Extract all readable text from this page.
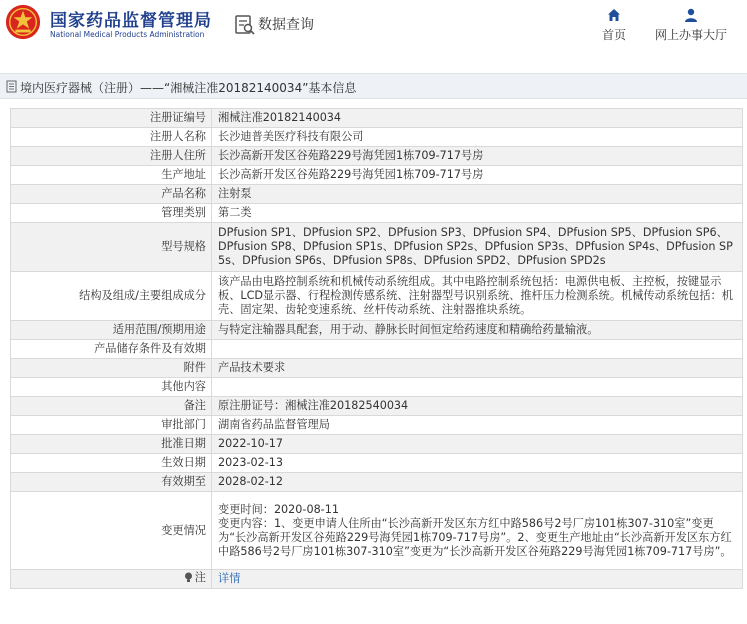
国家药品监督管理局
National Medical Products Administration
数据查询
首页	网上办事大厅
境内医疗器械（注册）——“湘械注准20182140034”基本信息
注册证编号	湘械注准20182140034
注册人名称	长沙迪普美医疗科技有限公司
注册人住所	长沙高新开发区谷苑路229号海凭园1栋709-717号房
生产地址	长沙高新开发区谷苑路229号海凭园1栋709-717号房
产品名称	注射泵
管理类别	第二类
型号规格	DPfusion SP1、DPfusion SP2、DPfusion SP3、DPfusion SP4、DPfusion SP5、DPfusion SP6、DPfusion SP8、DPfusion SP1s、DPfusion SP2s、DPfusion SP3s、DPfusion SP4s、DPfusion SP5s、DPfusion SP6s、DPfusion SP8s、DPfusion SPD2、DPfusion SPD2s
结构及组成/主要组成成分	该产品由电路控制系统和机械传动系统组成。其中电路控制系统包括：电源供电板、主控板，按键显示板、LCD显示器、行程检测传感系统、注射器型号识别系统、推杆压力检测系统。机械传动系统包括：机壳、固定架、齿轮变速系统、丝杆传动系统、注射器推块系统。
适用范围/预期用途	与特定注输器具配套，用于动、静脉长时间恒定给药速度和精确给药量输液。
产品储存条件及有效期	
附件	产品技术要求
其他内容	
备注	原注册证号：湘械注准20182540034
审批部门	湖南省药品监督管理局
批准日期	2022-10-17
生效日期	2023-02-13
有效期至	2028-02-12
变更情况	变更时间：2020-08-11
变更内容：1、变更申请人住所由“长沙高新开发区东方红中路586号2号厂房101栋307-310室”变更为“长沙高新开发区谷苑路229号海凭园1栋709-717号房”。2、变更生产地址由“长沙高新开发区东方红中路586号2号厂房101栋307-310室”变更为“长沙高新开发区谷苑路229号海凭园1栋709-717号房”。

注	详情
